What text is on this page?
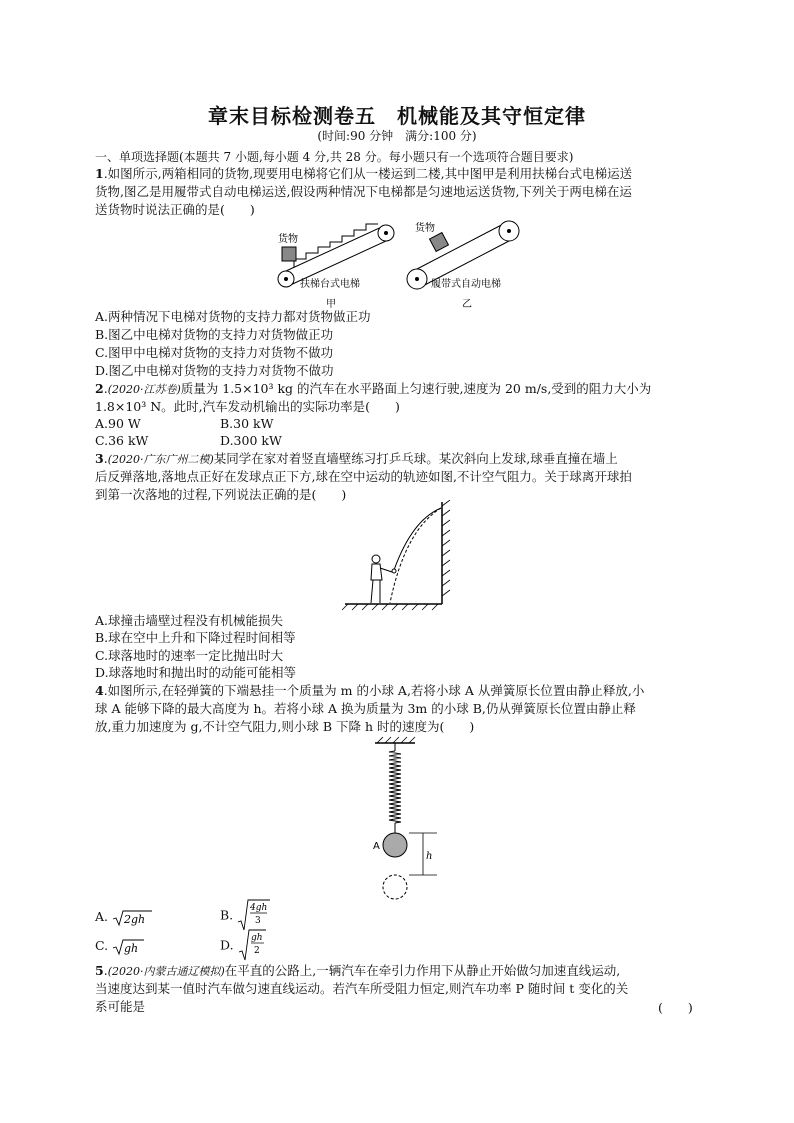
章末目标检测卷五　机械能及其守恒定律
(时间:90 分钟　满分:100 分)
一、单项选择题(本题共 7 小题,每小题 4 分,共 28 分。每小题只有一个选项符合题目要求)
1.如图所示,两箱相同的货物,现要用电梯将它们从一楼运到二楼,其中图甲是利用扶梯台式电梯运送
货物,图乙是用履带式自动电梯运送,假设两种情况下电梯都是匀速地运送货物,下列关于两电梯在运
送货物时说法正确的是(　　)
货物
扶梯台式电梯
甲
货物
履带式自动电梯
乙
A.两种情况下电梯对货物的支持力都对货物做正功
B.图乙中电梯对货物的支持力对货物做正功
C.图甲中电梯对货物的支持力对货物不做功
D.图乙中电梯对货物的支持力对货物不做功
2.(2020·江苏卷)质量为 1.5×10³ kg 的汽车在水平路面上匀速行驶,速度为 20 m/s,受到的阻力大小为
1.8×10³ N。此时,汽车发动机输出的实际功率是(　　)
A.90 W	B.30 kW
C.36 kW	D.300 kW
3.(2020·广东广州二模)某同学在家对着竖直墙壁练习打乒乓球。某次斜向上发球,球垂直撞在墙上
后反弹落地,落地点正好在发球点正下方,球在空中运动的轨迹如图,不计空气阻力。关于球离开球拍
到第一次落地的过程,下列说法正确的是(　　)
A.球撞击墙壁过程没有机械能损失
B.球在空中上升和下降过程时间相等
C.球落地时的速率一定比抛出时大
D.球落地时和抛出时的动能可能相等
4.如图所示,在轻弹簧的下端悬挂一个质量为 m 的小球 A,若将小球 A 从弹簧原长位置由静止释放,小
球 A 能够下降的最大高度为 h。若将小球 A 换为质量为 3m 的小球 B,仍从弹簧原长位置由静止释
放,重力加速度为 g,不计空气阻力,则小球 B 下降 h 时的速度为(　　)
A
h
A. 2gh	B. 4gh
3
C. gh	D. gh
2
5.(2020·内蒙古通辽模拟)在平直的公路上,一辆汽车在牵引力作用下从静止开始做匀加速直线运动,
当速度达到某一值时汽车做匀速直线运动。若汽车所受阻力恒定,则汽车功率 P 随时间 t 变化的关
系可能是	(　　)
